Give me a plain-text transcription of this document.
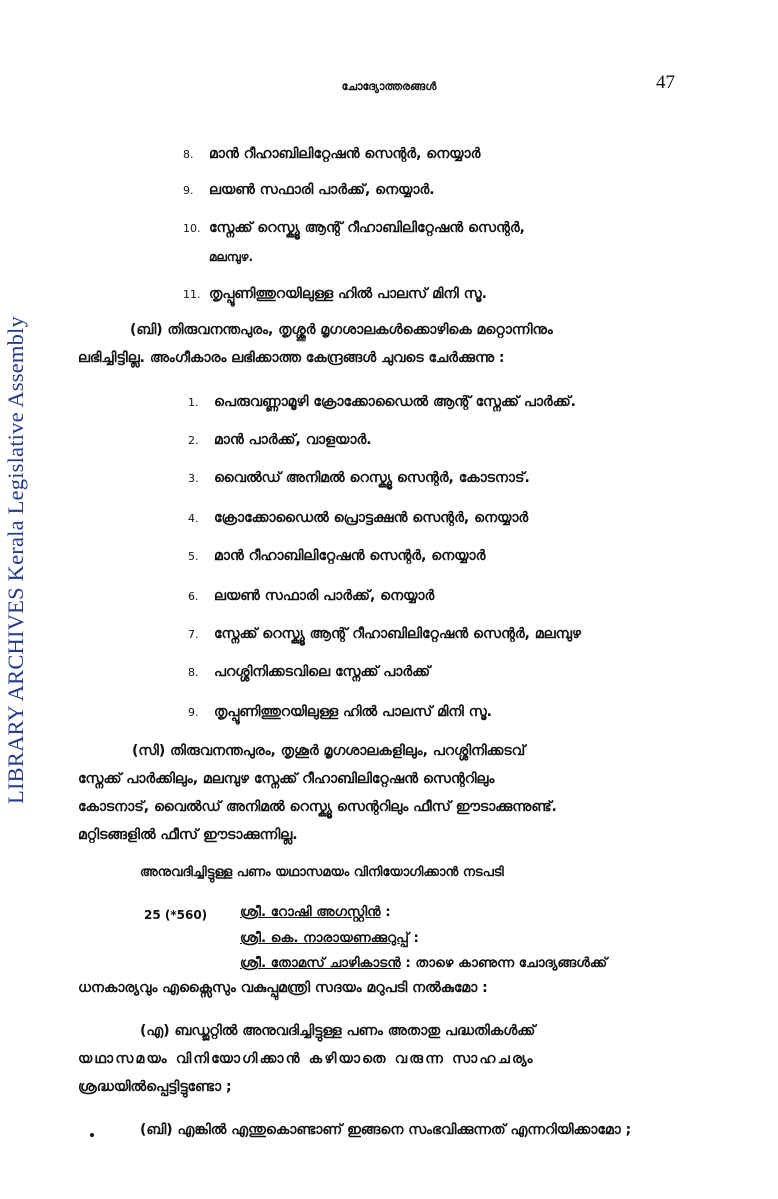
LIBRARY ARCHIVES Kerala Legislative Assembly
ചോദ്യോത്തരങ്ങൾ	47
8. മാൻ റീഹാബിലിറ്റേഷൻ സെന്റർ, നെയ്യാർ
9. ലയൺ സഫാരി പാർക്ക്, നെയ്യാർ.
10. സ്നേക്ക് റെസ്ക്യൂ ആന്റ് റീഹാബിലിറ്റേഷൻ സെന്റർ,
മലമ്പുഴ.
11. തൃപ്പൂണിത്തുറയിലുള്ള ഹിൽ പാലസ് മിനി സൂ.
(ബി) തിരുവനന്തപുരം, തൃശ്ശൂർ മൃഗശാലകൾക്കൊഴികെ മറ്റൊന്നിനും
ലഭിച്ചിട്ടില്ല. അംഗീകാരം ലഭിക്കാത്ത കേന്ദ്രങ്ങൾ ചുവടെ ചേർക്കുന്നു :
1. പെരുവണ്ണാമൂഴി ക്രോക്കോഡൈൽ ആന്റ് സ്നേക്ക് പാർക്ക്.
2. മാൻ പാർക്ക്, വാളയാർ.
3. വൈൽഡ് അനിമൽ റെസ്ക്യൂ സെന്റർ, കോടനാട്.
4. ക്രോക്കോഡൈൽ പ്രൊട്ടക്ഷൻ സെന്റർ, നെയ്യാർ
5. മാൻ റീഹാബിലിറ്റേഷൻ സെന്റർ, നെയ്യാർ
6. ലയൺ സഫാരി പാർക്ക്, നെയ്യാർ
7. സ്നേക്ക് റെസ്ക്യൂ ആന്റ് റീഹാബിലിറ്റേഷൻ സെന്റർ, മലമ്പുഴ
8. പറശ്ശിനിക്കടവിലെ സ്നേക്ക് പാർക്ക്
9. തൃപ്പൂണിത്തുറയിലുള്ള ഹിൽ പാലസ് മിനി സൂ.
(സി) തിരുവനന്തപുരം, തൃശൂർ മൃഗശാലകളിലും, പറശ്ശിനിക്കടവ്
സ്നേക്ക് പാർക്കിലും, മലമ്പുഴ സ്നേക്ക് റീഹാബിലിറ്റേഷൻ സെന്ററിലും
കോടനാട്, വൈൽഡ് അനിമൽ റെസ്ക്യൂ സെന്ററിലും ഫീസ് ഈടാക്കുന്നുണ്ട്.
മറ്റിടങ്ങളിൽ ഫീസ് ഈടാക്കുന്നില്ല.
അനുവദിച്ചിട്ടുള്ള പണം യഥാസമയം വിനിയോഗിക്കാൻ നടപടി
25 (*560) ശ്രീ. റോഷി അഗസ്റ്റിൻ :
ശ്രീ. കെ. നാരായണക്കുറുപ്പ് :
ശ്രീ. തോമസ് ചാഴികാടൻ : താഴെ കാണുന്ന ചോദ്യങ്ങൾക്ക്
ധനകാര്യവും എക്സൈസും വകുപ്പുമന്ത്രി സദയം മറുപടി നൽകുമോ :
(എ) ബഡ്ജറ്റിൽ അനുവദിച്ചിട്ടുള്ള പണം അതാതു പദ്ധതികൾക്ക്
യഥാസമയം വിനിയോഗിക്കാൻ കഴിയാതെ വരുന്ന സാഹചര്യം
ശ്രദ്ധയിൽപ്പെട്ടിട്ടുണ്ടോ ;
(ബി) എങ്കിൽ എന്തുകൊണ്ടാണ് ഇങ്ങനെ സംഭവിക്കുന്നത് എന്നറിയിക്കാമോ ;
